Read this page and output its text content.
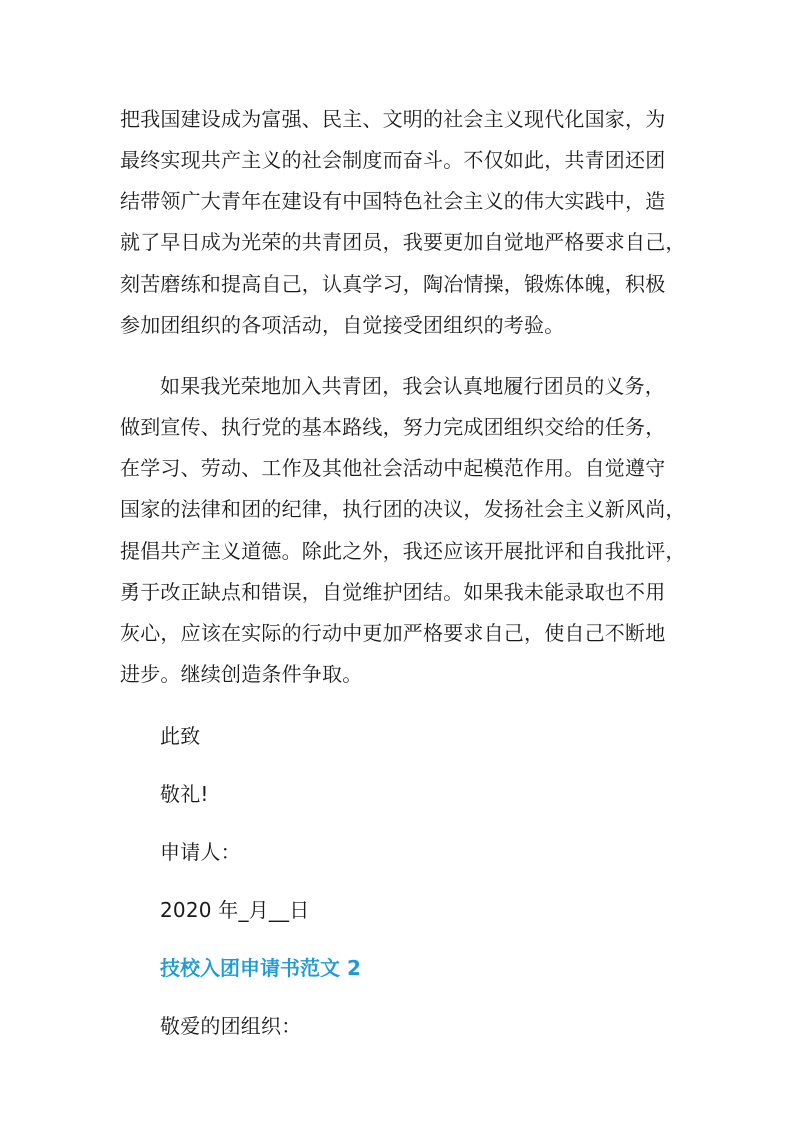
把我国建设成为富强、民主、文明的社会主义现代化国家，为
最终实现共产主义的社会制度而奋斗。不仅如此，共青团还团
结带领广大青年在建设有中国特色社会主义的伟大实践中，造
就了早日成为光荣的共青团员，我要更加自觉地严格要求自己，
刻苦磨练和提高自己，认真学习，陶冶情操，锻炼体魄，积极
参加团组织的各项活动，自觉接受团组织的考验。
如果我光荣地加入共青团，我会认真地履行团员的义务，
做到宣传、执行党的基本路线，努力完成团组织交给的任务，
在学习、劳动、工作及其他社会活动中起模范作用。自觉遵守
国家的法律和团的纪律，执行团的决议，发扬社会主义新风尚，
提倡共产主义道德。除此之外，我还应该开展批评和自我批评，
勇于改正缺点和错误，自觉维护团结。如果我未能录取也不用
灰心，应该在实际的行动中更加严格要求自己，使自己不断地
进步。继续创造条件争取。
此致
敬礼!
申请人：
2020 年_月__日
技校入团申请书范文 2
敬爱的团组织：
